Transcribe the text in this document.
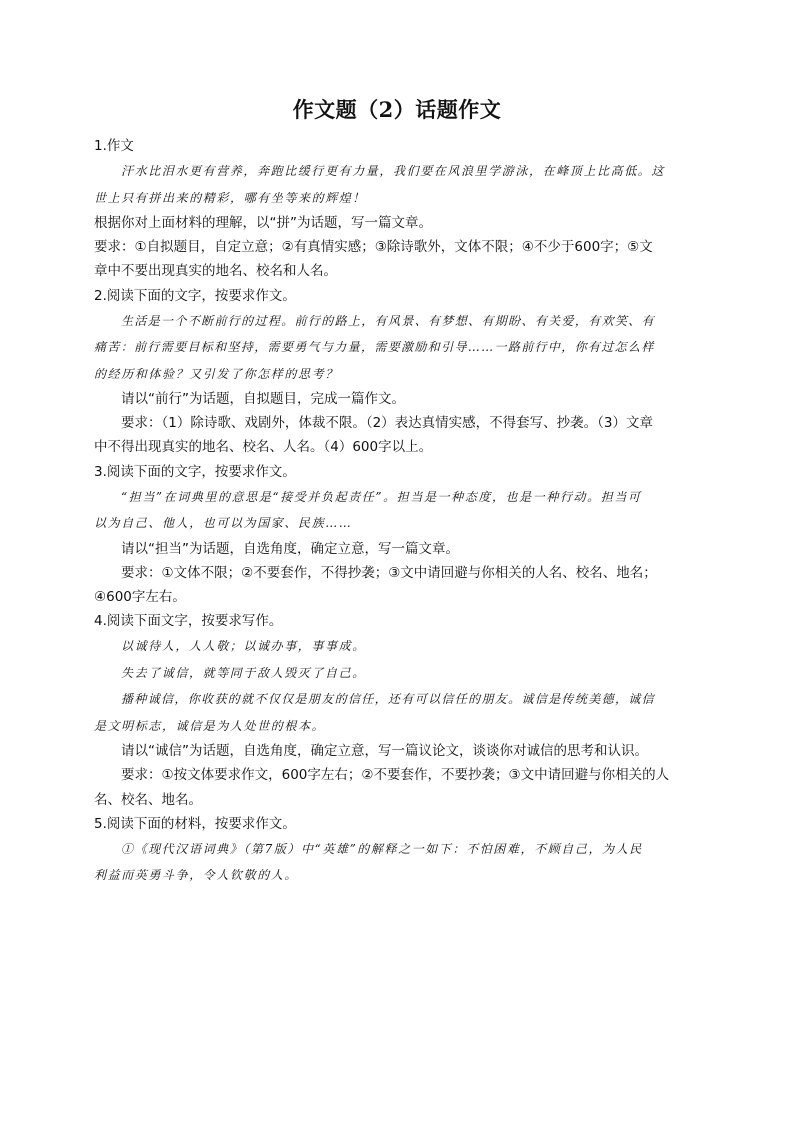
作文题（2）话题作文
1.作文
汗水比泪水更有营养，奔跑比缓行更有力量，我们要在风浪里学游泳，在峰顶上比高低。这
世上只有拼出来的精彩，哪有坐等来的辉煌！
根据你对上面材料的理解，以“拼”为话题，写一篇文章。
要求：①自拟题目，自定立意；②有真情实感；③除诗歌外，文体不限；④不少于600字；⑤文
章中不要出现真实的地名、校名和人名。
2.阅读下面的文字，按要求作文。
生活是一个不断前行的过程。前行的路上，有风景、有梦想、有期盼、有关爱，有欢笑、有
痛苦：前行需要目标和坚持，需要勇气与力量，需要激励和引导……一路前行中，你有过怎么样
的经历和体验？又引发了你怎样的思考？
请以“前行”为话题，自拟题目，完成一篇作文。
要求：（1）除诗歌、戏剧外，体裁不限。（2）表达真情实感，不得套写、抄袭。（3）文章
中不得出现真实的地名、校名、人名。（4）600字以上。
3.阅读下面的文字，按要求作文。
“担当”在词典里的意思是“接受并负起责任”。担当是一种态度，也是一种行动。担当可
以为自己、他人，也可以为国家、民族……
请以“担当”为话题，自选角度，确定立意，写一篇文章。
要求：①文体不限；②不要套作，不得抄袭；③文中请回避与你相关的人名、校名、地名；
④600字左右。
4.阅读下面文字，按要求写作。
以诚待人，人人敬；以诚办事，事事成。
失去了诚信，就等同于敌人毁灭了自己。
播种诚信，你收获的就不仅仅是朋友的信任，还有可以信任的朋友。诚信是传统美德，诚信
是文明标志，诚信是为人处世的根本。
请以“诚信”为话题，自选角度，确定立意，写一篇议论文，谈谈你对诚信的思考和认识。
要求：①按文体要求作文，600字左右；②不要套作，不要抄袭；③文中请回避与你相关的人
名、校名、地名。
5.阅读下面的材料，按要求作文。
①《现代汉语词典》（第7版）中“英雄”的解释之一如下：不怕困难，不顾自己，为人民
利益而英勇斗争，令人钦敬的人。
